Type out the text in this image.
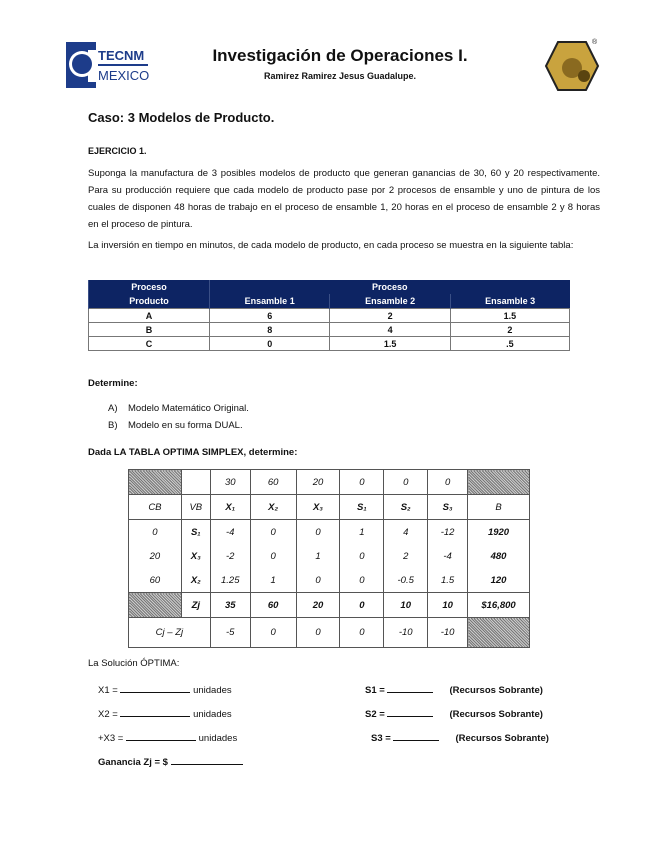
TECNM
MEXICO
Investigación de Operaciones I.
Ramirez Ramirez Jesus Guadalupe.
®
Caso: 3 Modelos de Producto.
EJERCICIO 1.
Suponga la manufactura de 3 posibles modelos de producto que generan ganancias de 30, 60 y 20 respectivamente. Para su producción requiere que cada modelo de producto pase por 2 procesos de ensamble y uno de pintura de los cuales de disponen 48 horas de trabajo en el proceso de ensamble 1, 20 horas en el proceso de ensamble 2 y 8 horas en el proceso de pintura.
La inversión en tiempo en minutos, de cada modelo de producto, en cada proceso se muestra en la siguiente tabla:
Proceso	Proceso		
Producto	Ensamble 1	Ensamble 2	Ensamble 3
A	6	2	1.5
B	8	4	2
C	0	1.5	.5
Determine:
A) Modelo Matemático Original.
B) Modelo en su forma DUAL.
Dada LA TABLA OPTIMA SIMPLEX, determine:
		30	60	20	0	0	0	
CB	VB	X₁	X₂	X₃	S₁	S₂	S₃	B
0	S₁	-4	0	0	1	4	-12	1920
20	X₃	-2	0	1	0	2	-4	480
60	X₂	1.25	1	0	0	-0.5	1.5	120
	Zj	35	60	20	0	10	10	$16,800
Cj – Zj		-5	0	0	0	-10	-10	
La Solución ÓPTIMA:
X1 =	unidades
X2 =	unidades
+X3 =	unidades
Ganancia Zj = $
S1 =	(Recursos Sobrante)
S2 =	(Recursos Sobrante)
S3 =	(Recursos Sobrante)
